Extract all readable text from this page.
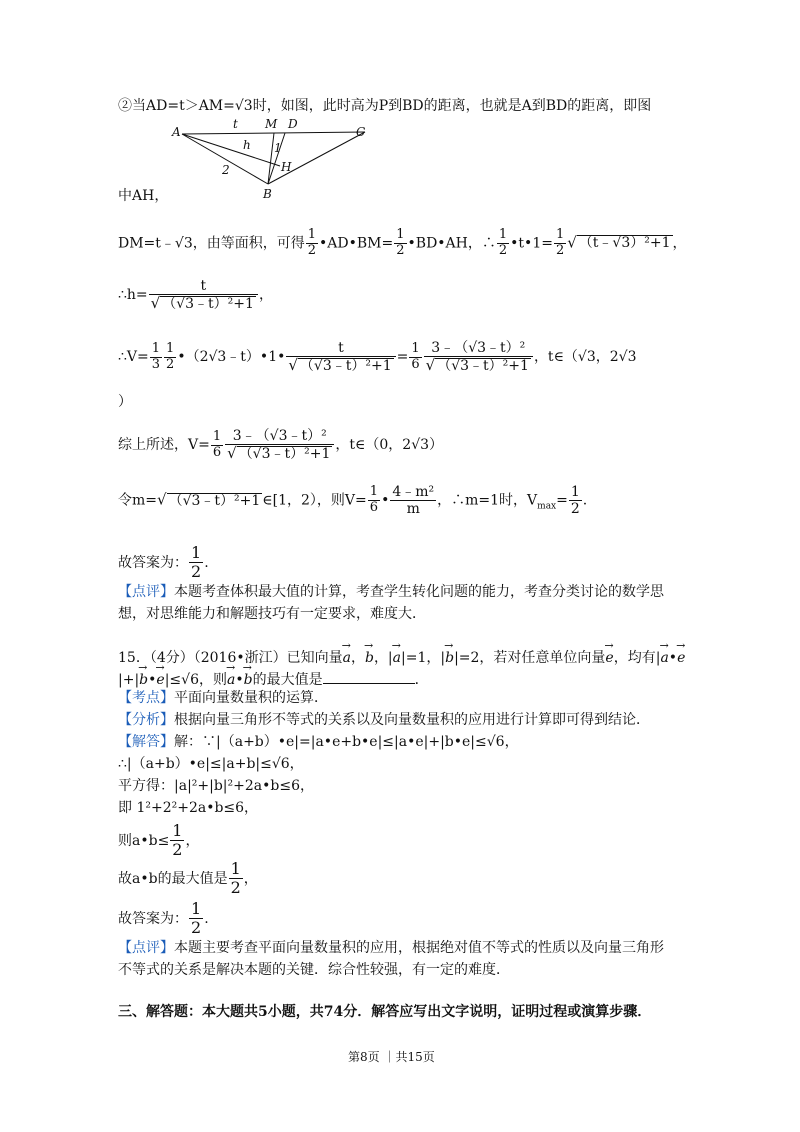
②当AD=t＞AM=√3时，如图，此时高为P到BD的距离，也就是A到BD的距离，即图
A
t M D
C
h 1
H
2
B
中AH，
DM=t﹣√3，由等面积，可得 $\frac{1}{2}$ •AD•BM= $\frac{1}{2}$ •BD•AH，∴ $\frac{1}{2}$ •t•1= $\frac{1}{2}$ √ （t﹣√3）²+1 ，
∴h= $\frac{t}{\text{√ （√3﹣t）²+1}}$ ，
∴V= $\frac{1}{3} \frac{1}{2}$ •（2√3﹣t）•1• $\frac{t}{\text{√ （√3﹣t）²+1}} = \frac{1}{6} \frac{\text{3﹣（√3﹣t）²}}{\text{√ （√3﹣t）²+1}}$ ，t∈（√3，2√3
）
综上所述，$V= \frac{1}{6} \frac{\text{3﹣（√3﹣t）²}}{\text{√ （√3﹣t）²+1}}$ ，t∈（0，2√3）
令m=√ （√3﹣t）²+1 ∈[1，2），则$V= \frac{1}{6}$ • $\frac{\text{4﹣m²}}{m}$ ，∴m=1时，$V_{max}= \frac{1}{2}$ .
故答案为： $\frac{1}{2}$ .
【点评】本题考查体积最大值的计算，考查学生转化问题的能力，考查分类讨论的数学思
想，对思维能力和解题技巧有一定要求，难度大．
15．（4分）（2016•浙江）已知向量→ a，→ b，|→ a|=1，|→ b|=2，若对任意单位向量→ e，均有|→ a•→ e
|+|→ b•→ e|≤√6，则→ a•→ b的最大值是	．
【考点】平面向量数量积的运算．
【分析】根据向量三角形不等式的关系以及向量数量积的应用进行计算即可得到结论．
【解答】解：∵|（a+b）•e|=|a•e+b•e|≤|a•e|+|b•e|≤√6，
∴|（a+b）•e|≤|a+b|≤√6，
平方得：|a|²+|b|²+2a•b≤6，
即 1²+2²+2a•b≤6，
则a•b≤ $\frac{1}{2}$ ，
故a•b的最大值是 $\frac{1}{2}$ ，
故答案为： $\frac{1}{2}$ .
【点评】本题主要考查平面向量数量积的应用，根据绝对值不等式的性质以及向量三角形
不等式的关系是解决本题的关键．综合性较强，有一定的难度．
三、解答题：本大题共5小题，共74分．解答应写出文字说明，证明过程或演算步骤．
第8页 ｜共15页
